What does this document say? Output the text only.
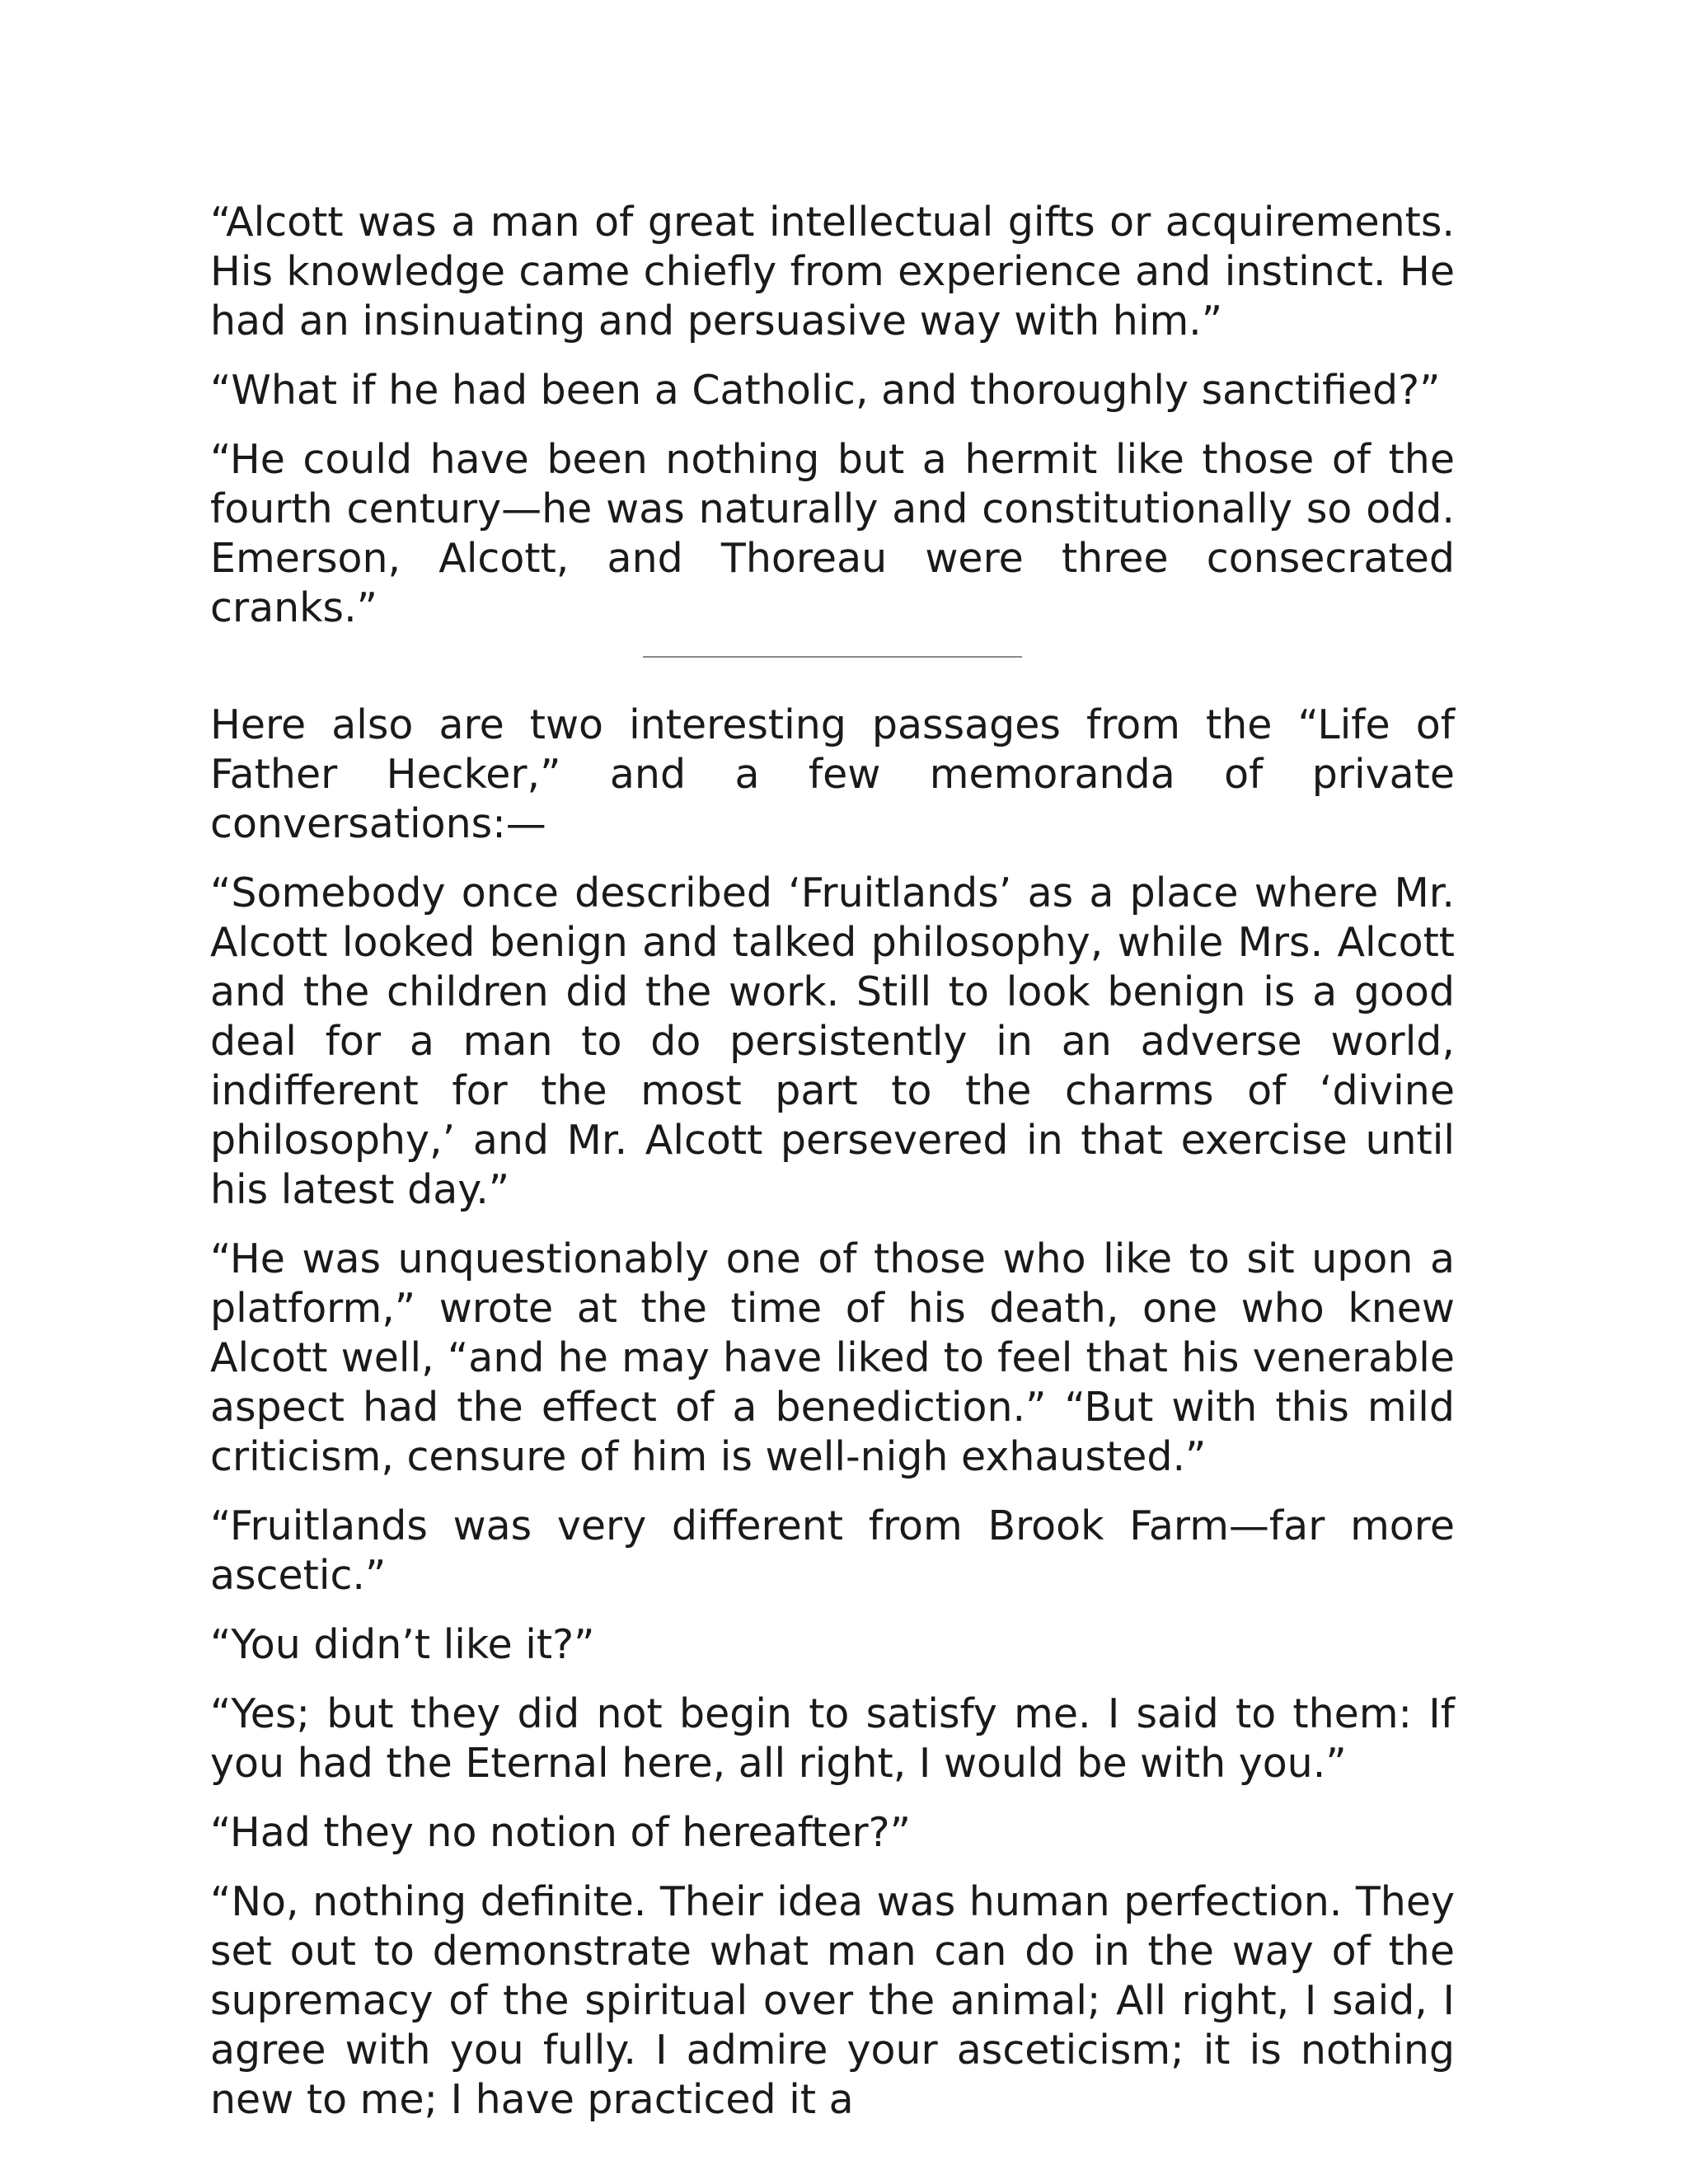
“Alcott was a man of great intellectual gifts or acquirements. His knowledge came chiefly from experience and instinct. He had an insinuating and persuasive way with him.”

“What if he had been a Catholic, and thoroughly sanctified?”

“He could have been nothing but a hermit like those of the fourth century—he was naturally and constitutionally so odd. Emerson, Alcott, and Thoreau were three consecrated cranks.”

Here also are two interesting passages from the “Life of Father Hecker,” and a few memoranda of private conversations:—

“Somebody once described ‘Fruitlands’ as a place where Mr. Alcott looked benign and talked philosophy, while Mrs. Alcott and the children did the work. Still to look benign is a good deal for a man to do persistently in an adverse world, indifferent for the most part to the charms of ‘divine philosophy,’ and Mr. Alcott persevered in that exercise until his latest day.”

“He was unquestionably one of those who like to sit upon a platform,” wrote at the time of his death, one who knew Alcott well, “and he may have liked to feel that his venerable aspect had the effect of a benediction.” “But with this mild criticism, censure of him is well-nigh exhausted.”

“Fruitlands was very different from Brook Farm—far more ascetic.”

“You didn’t like it?”

“Yes; but they did not begin to satisfy me. I said to them: If you had the Eternal here, all right, I would be with you.”

“Had they no notion of hereafter?”

“No, nothing definite. Their idea was human perfection. They set out to demonstrate what man can do in the way of the supremacy of the spiritual over the animal; All right, I said, I agree with you fully. I admire your asceticism; it is nothing new to me; I have practiced it a
